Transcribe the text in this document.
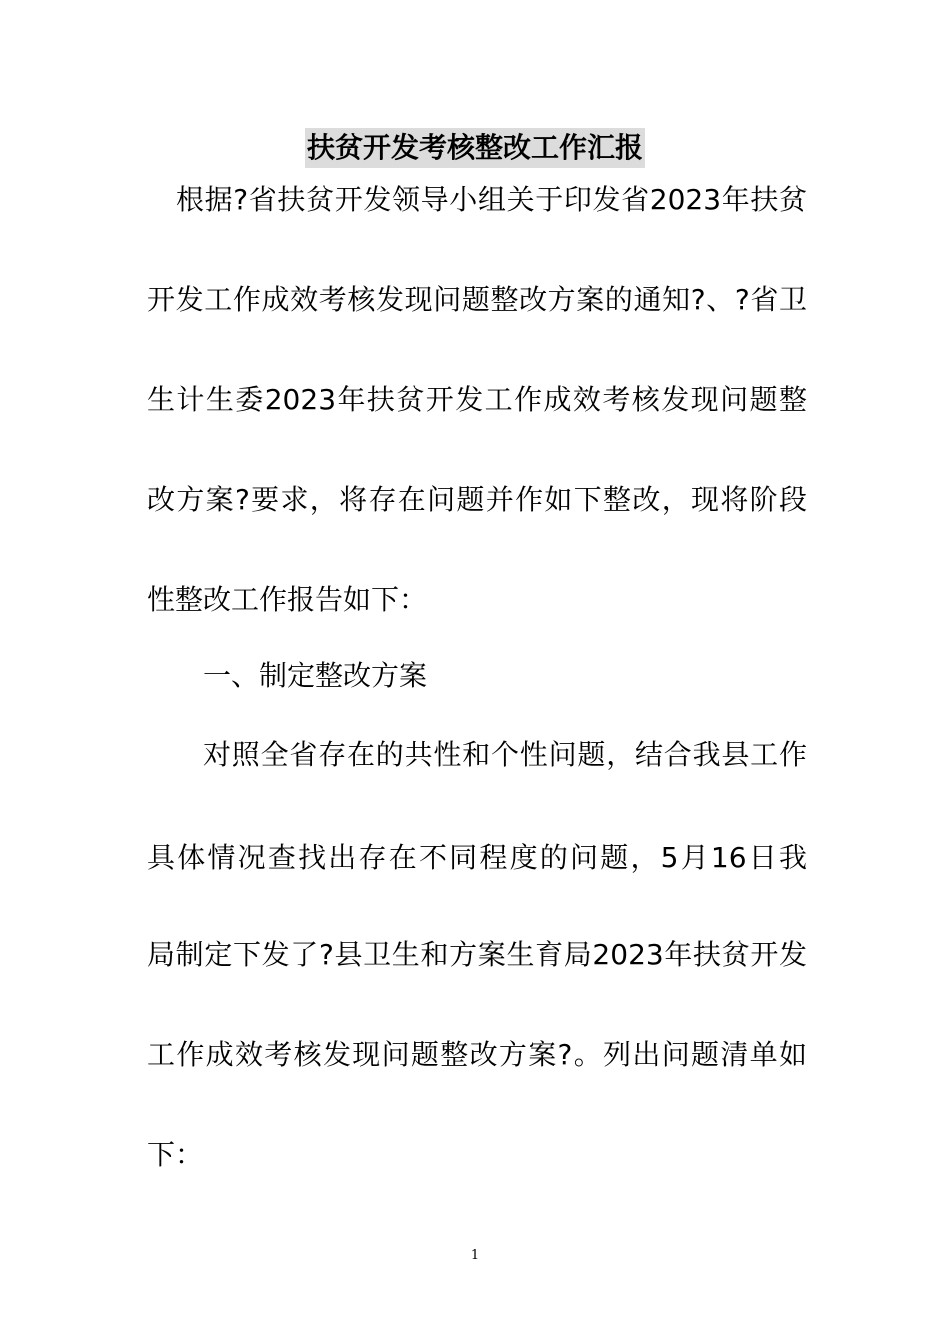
扶贫开发考核整改工作汇报
根据?省扶贫开发领导小组关于印发省2023年扶贫
开发工作成效考核发现问题整改方案的通知?、?省卫
生计生委2023年扶贫开发工作成效考核发现问题整
改方案?要求，将存在问题并作如下整改，现将阶段
性整改工作报告如下：
一、制定整改方案
对照全省存在的共性和个性问题，结合我县工作
具体情况查找出存在不同程度的问题，5月16日我
局制定下发了?县卫生和方案生育局2023年扶贫开发
工作成效考核发现问题整改方案?。列出问题清单如
下：
1
